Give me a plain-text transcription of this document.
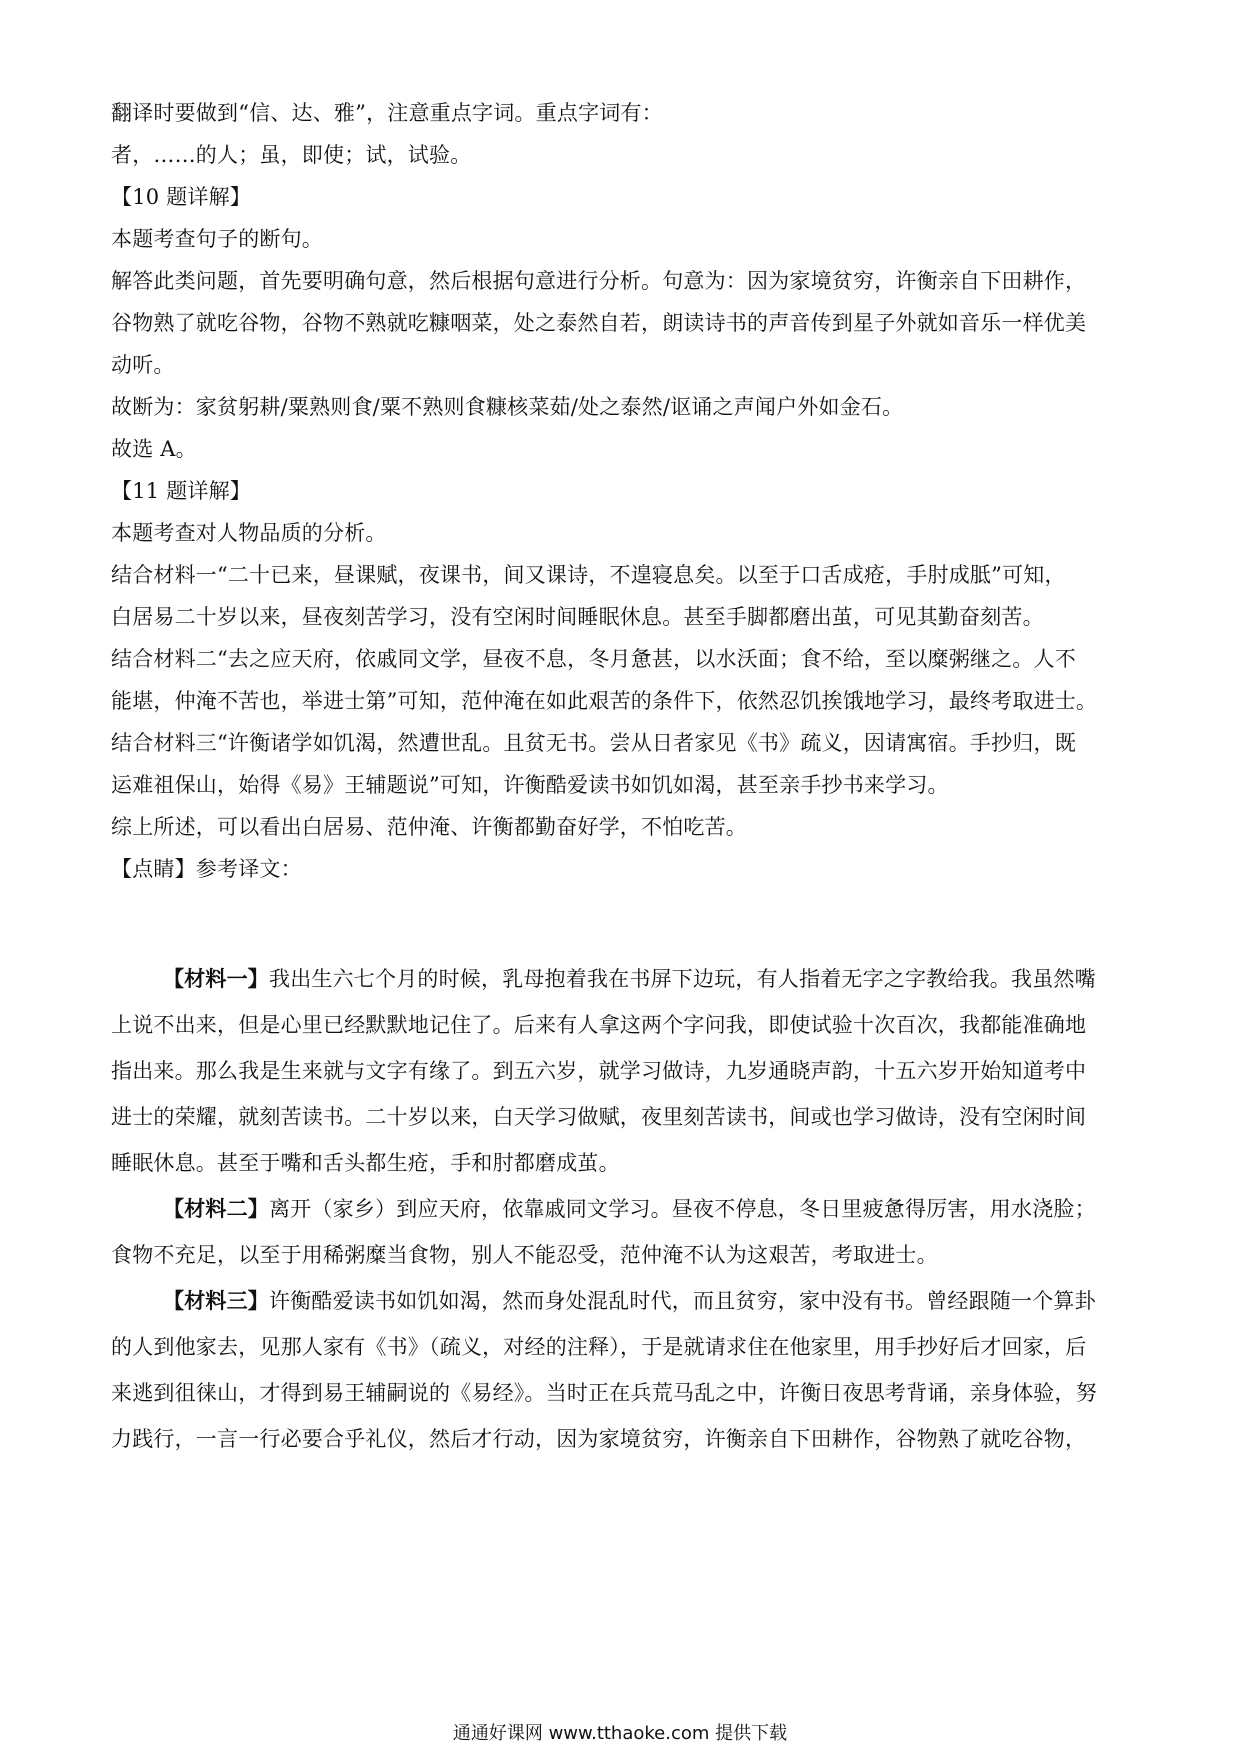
翻译时要做到“信、达、雅”，注意重点字词。重点字词有：
者，……的人；虽，即使；试，试验。
【10 题详解】
本题考查句子的断句。
解答此类问题，首先要明确句意，然后根据句意进行分析。句意为：因为家境贫穷，许衡亲自下田耕作，
谷物熟了就吃谷物，谷物不熟就吃糠咽菜，处之泰然自若，朗读诗书的声音传到星子外就如音乐一样优美
动听。
故断为：家贫躬耕/粟熟则食/粟不熟则食糠核菜茹/处之泰然/讴诵之声闻户外如金石。
故选 A。
【11 题详解】
本题考查对人物品质的分析。
结合材料一“二十已来，昼课赋，夜课书，间又课诗，不遑寝息矣。以至于口舌成疮，手肘成胝”可知，
白居易二十岁以来，昼夜刻苦学习，没有空闲时间睡眠休息。甚至手脚都磨出茧，可见其勤奋刻苦。
结合材料二“去之应天府，依戚同文学，昼夜不息，冬月惫甚，以水沃面；食不给，至以糜粥继之。人不
能堪，仲淹不苦也，举进士第”可知，范仲淹在如此艰苦的条件下，依然忍饥挨饿地学习，最终考取进士。
结合材料三“许衡诸学如饥渴，然遭世乱。且贫无书。尝从日者家见《书》疏义，因请寓宿。手抄归，既
运难祖保山，始得《易》王辅题说”可知，许衡酷爱读书如饥如渴，甚至亲手抄书来学习。
综上所述，可以看出白居易、范仲淹、许衡都勤奋好学，不怕吃苦。
【点睛】参考译文：
【材料一】我出生六七个月的时候，乳母抱着我在书屏下边玩，有人指着无字之字教给我。我虽然嘴
上说不出来，但是心里已经默默地记住了。后来有人拿这两个字问我，即使试验十次百次，我都能准确地
指出来。那么我是生来就与文字有缘了。到五六岁，就学习做诗，九岁通晓声韵，十五六岁开始知道考中
进士的荣耀，就刻苦读书。二十岁以来，白天学习做赋，夜里刻苦读书，间或也学习做诗，没有空闲时间
睡眠休息。甚至于嘴和舌头都生疮，手和肘都磨成茧。
【材料二】离开（家乡）到应天府，依靠戚同文学习。昼夜不停息，冬日里疲惫得厉害，用水浇脸；
食物不充足，以至于用稀粥糜当食物，别人不能忍受，范仲淹不认为这艰苦，考取进士。
【材料三】许衡酷爱读书如饥如渴，然而身处混乱时代，而且贫穷，家中没有书。曾经跟随一个算卦
的人到他家去，见那人家有《书》（疏义，对经的注释），于是就请求住在他家里，用手抄好后才回家，后
来逃到徂徕山，才得到易王辅嗣说的《易经》。当时正在兵荒马乱之中，许衡日夜思考背诵，亲身体验，努
力践行，一言一行必要合乎礼仪，然后才行动，因为家境贫穷，许衡亲自下田耕作，谷物熟了就吃谷物，
通通好课网 www.tthaoke.com 提供下载
